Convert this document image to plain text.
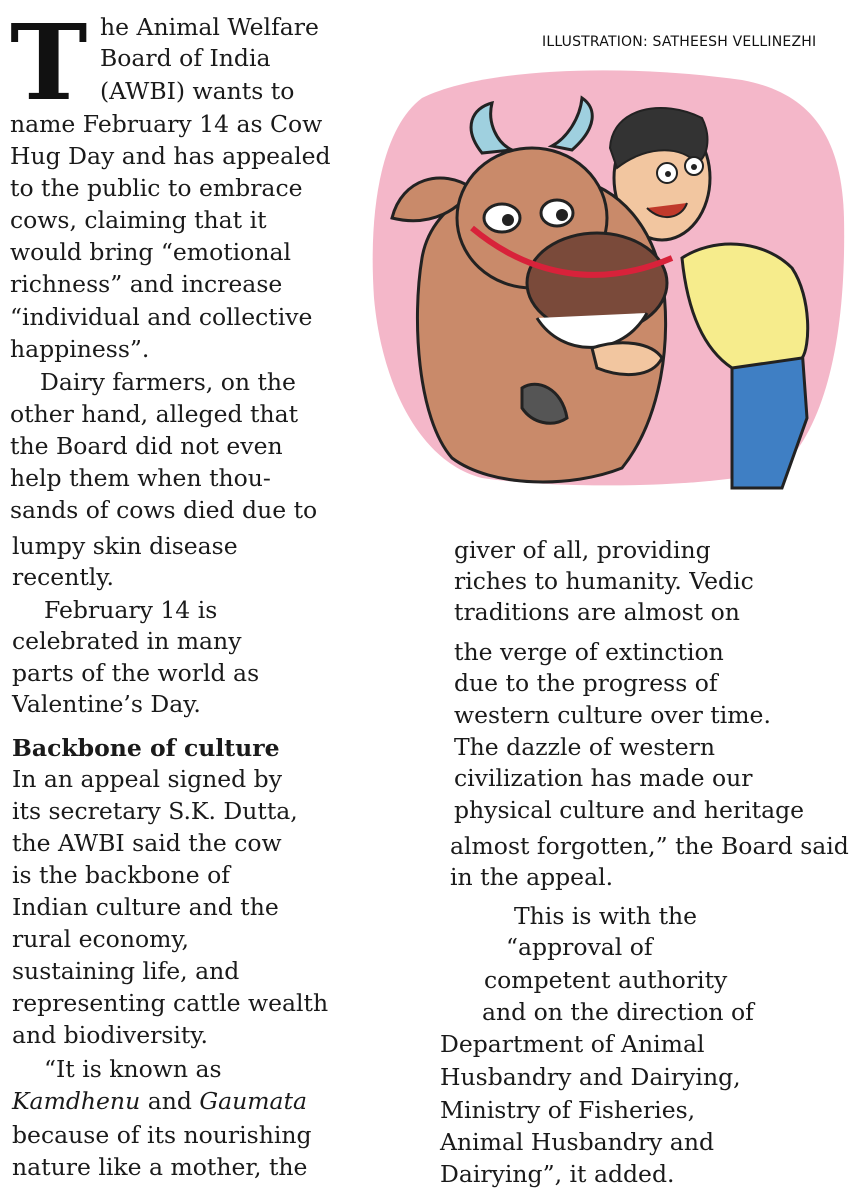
ILLUSTRATION: SATHEESH VELLINEZHI
T he Animal Welfare
Board of India
(AWBI) wants to
name February 14 as Cow
Hug Day and has appealed
to the public to embrace
cows, claiming that it
would bring “emotional
richness” and increase
“individual and collective
happiness”.
Dairy farmers, on the
other hand, alleged that
the Board did not even
help them when thou-
sands of cows died due to
lumpy skin disease
recently.
February 14 is
celebrated in many
parts of the world as
Valentine’s Day.
Backbone of culture
In an appeal signed by
its secretary S.K. Dutta,
the AWBI said the cow
is the backbone of
Indian culture and the
rural economy,
sustaining life, and
representing cattle wealth
and biodiversity.
“It is known as
Kamdhenu and Gaumata
because of its nourishing
nature like a mother, the
giver of all, providing
riches to humanity. Vedic
traditions are almost on
the verge of extinction
due to the progress of
western culture over time.
The dazzle of western
civilization has made our
physical culture and heritage
almost forgotten,” the Board said
in the appeal.
This is with the
“approval of
competent authority
and on the direction of
Department of Animal
Husbandry and Dairying,
Ministry of Fisheries,
Animal Husbandry and
Dairying”, it added.
